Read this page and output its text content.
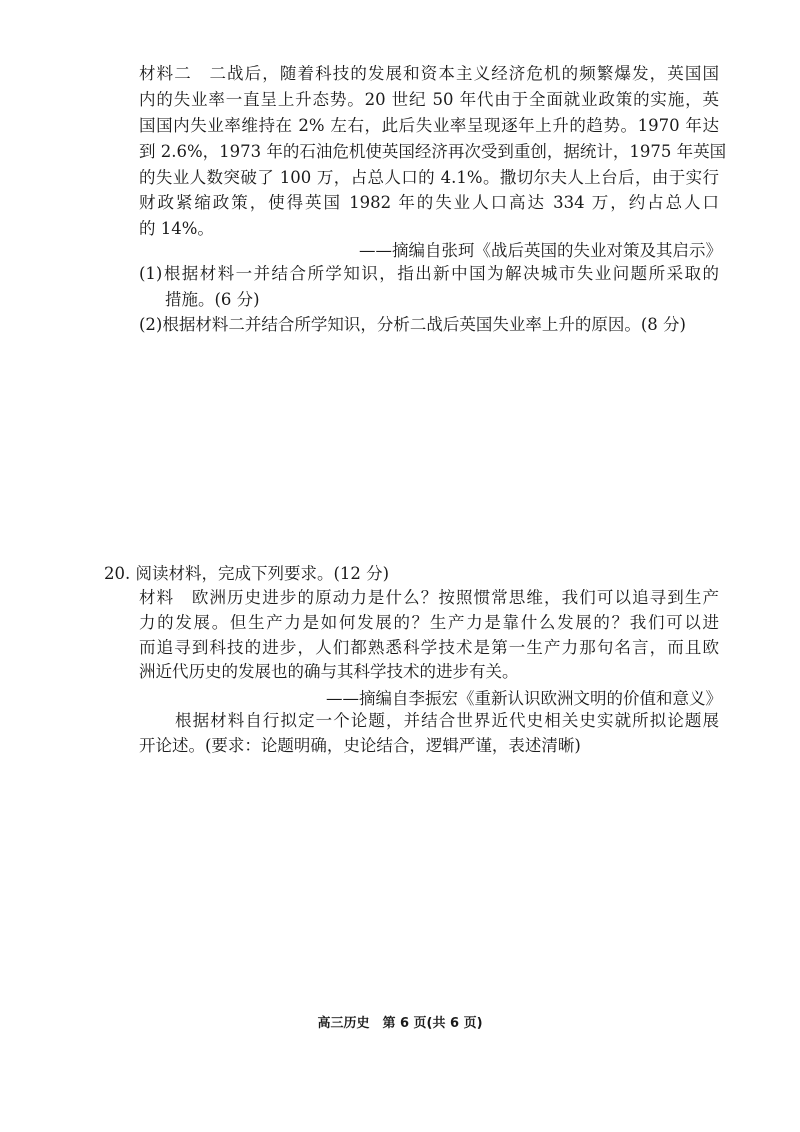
材料二　二战后，随着科技的发展和资本主义经济危机的频繁爆发，英国国
内的失业率一直呈上升态势。20 世纪 50 年代由于全面就业政策的实施，英
国国内失业率维持在 2% 左右，此后失业率呈现逐年上升的趋势。1970 年达
到 2.6%，1973 年的石油危机使英国经济再次受到重创，据统计，1975 年英国
的失业人数突破了 100 万，占总人口的 4.1%。撒切尔夫人上台后，由于实行
财政紧缩政策，使得英国 1982 年的失业人口高达 334 万，约占总人口
的 14%。
——摘编自张珂《战后英国的失业对策及其启示》
(1)根据材料一并结合所学知识，指出新中国为解决城市失业问题所采取的
措施。(6 分)
(2)根据材料二并结合所学知识，分析二战后英国失业率上升的原因。(8 分)
20. 阅读材料，完成下列要求。(12 分)
材料　欧洲历史进步的原动力是什么？按照惯常思维，我们可以追寻到生产
力的发展。但生产力是如何发展的？生产力是靠什么发展的？我们可以进
而追寻到科技的进步，人们都熟悉科学技术是第一生产力那句名言，而且欧
洲近代历史的发展也的确与其科学技术的进步有关。
——摘编自李振宏《重新认识欧洲文明的价值和意义》
根据材料自行拟定一个论题，并结合世界近代史相关史实就所拟论题展
开论述。(要求：论题明确，史论结合，逻辑严谨，表述清晰)
高三历史　第 6 页(共 6 页)
